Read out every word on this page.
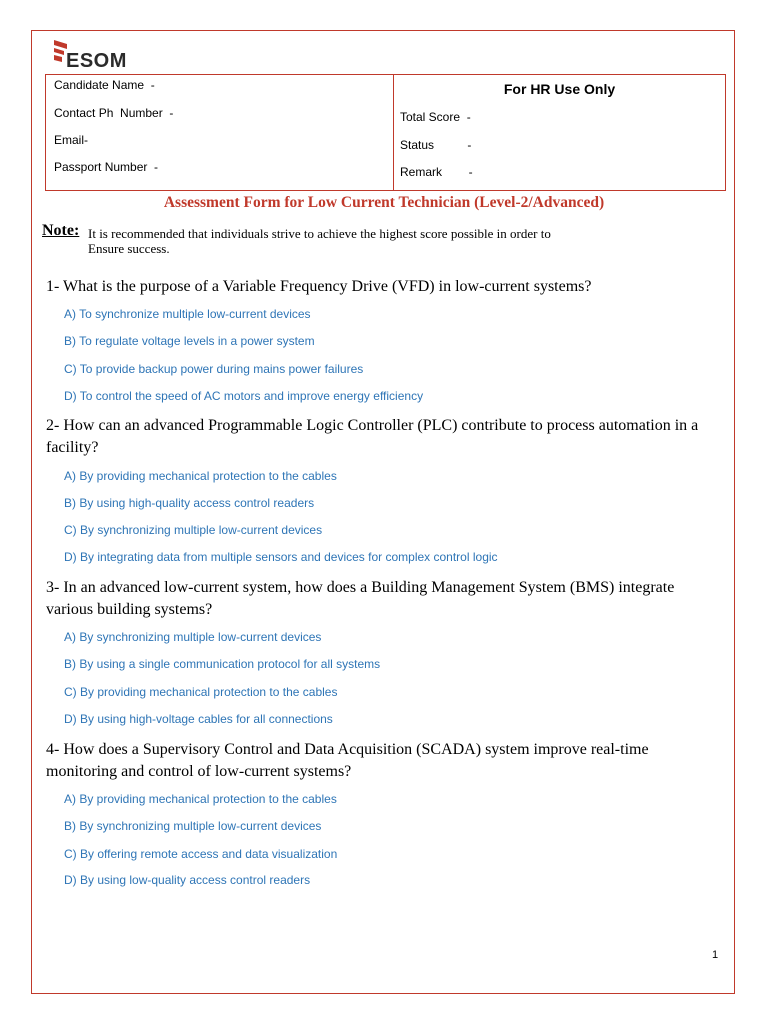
ESOM
Candidate Name  -
Contact Ph  Number  -
Email-
Passport Number  -
For HR Use Only
Total Score  -
Status          -
Remark        -
Assessment Form for Low Current Technician (Level-2/Advanced)
Note: It is recommended that individuals strive to achieve the highest score possible in order to
Ensure success.
1- What is the purpose of a Variable Frequency Drive (VFD) in low-current systems?
A) To synchronize multiple low-current devices
B) To regulate voltage levels in a power system
C) To provide backup power during mains power failures
D) To control the speed of AC motors and improve energy efficiency
2- How can an advanced Programmable Logic Controller (PLC) contribute to process automation in a facility?
A) By providing mechanical protection to the cables
B) By using high-quality access control readers
C) By synchronizing multiple low-current devices
D) By integrating data from multiple sensors and devices for complex control logic
3- In an advanced low-current system, how does a Building Management System (BMS) integrate various building systems?
A) By synchronizing multiple low-current devices
B) By using a single communication protocol for all systems
C) By providing mechanical protection to the cables
D) By using high-voltage cables for all connections
4- How does a Supervisory Control and Data Acquisition (SCADA) system improve real-time monitoring and control of low-current systems?
A) By providing mechanical protection to the cables
B) By synchronizing multiple low-current devices
C) By offering remote access and data visualization
D) By using low-quality access control readers
1
